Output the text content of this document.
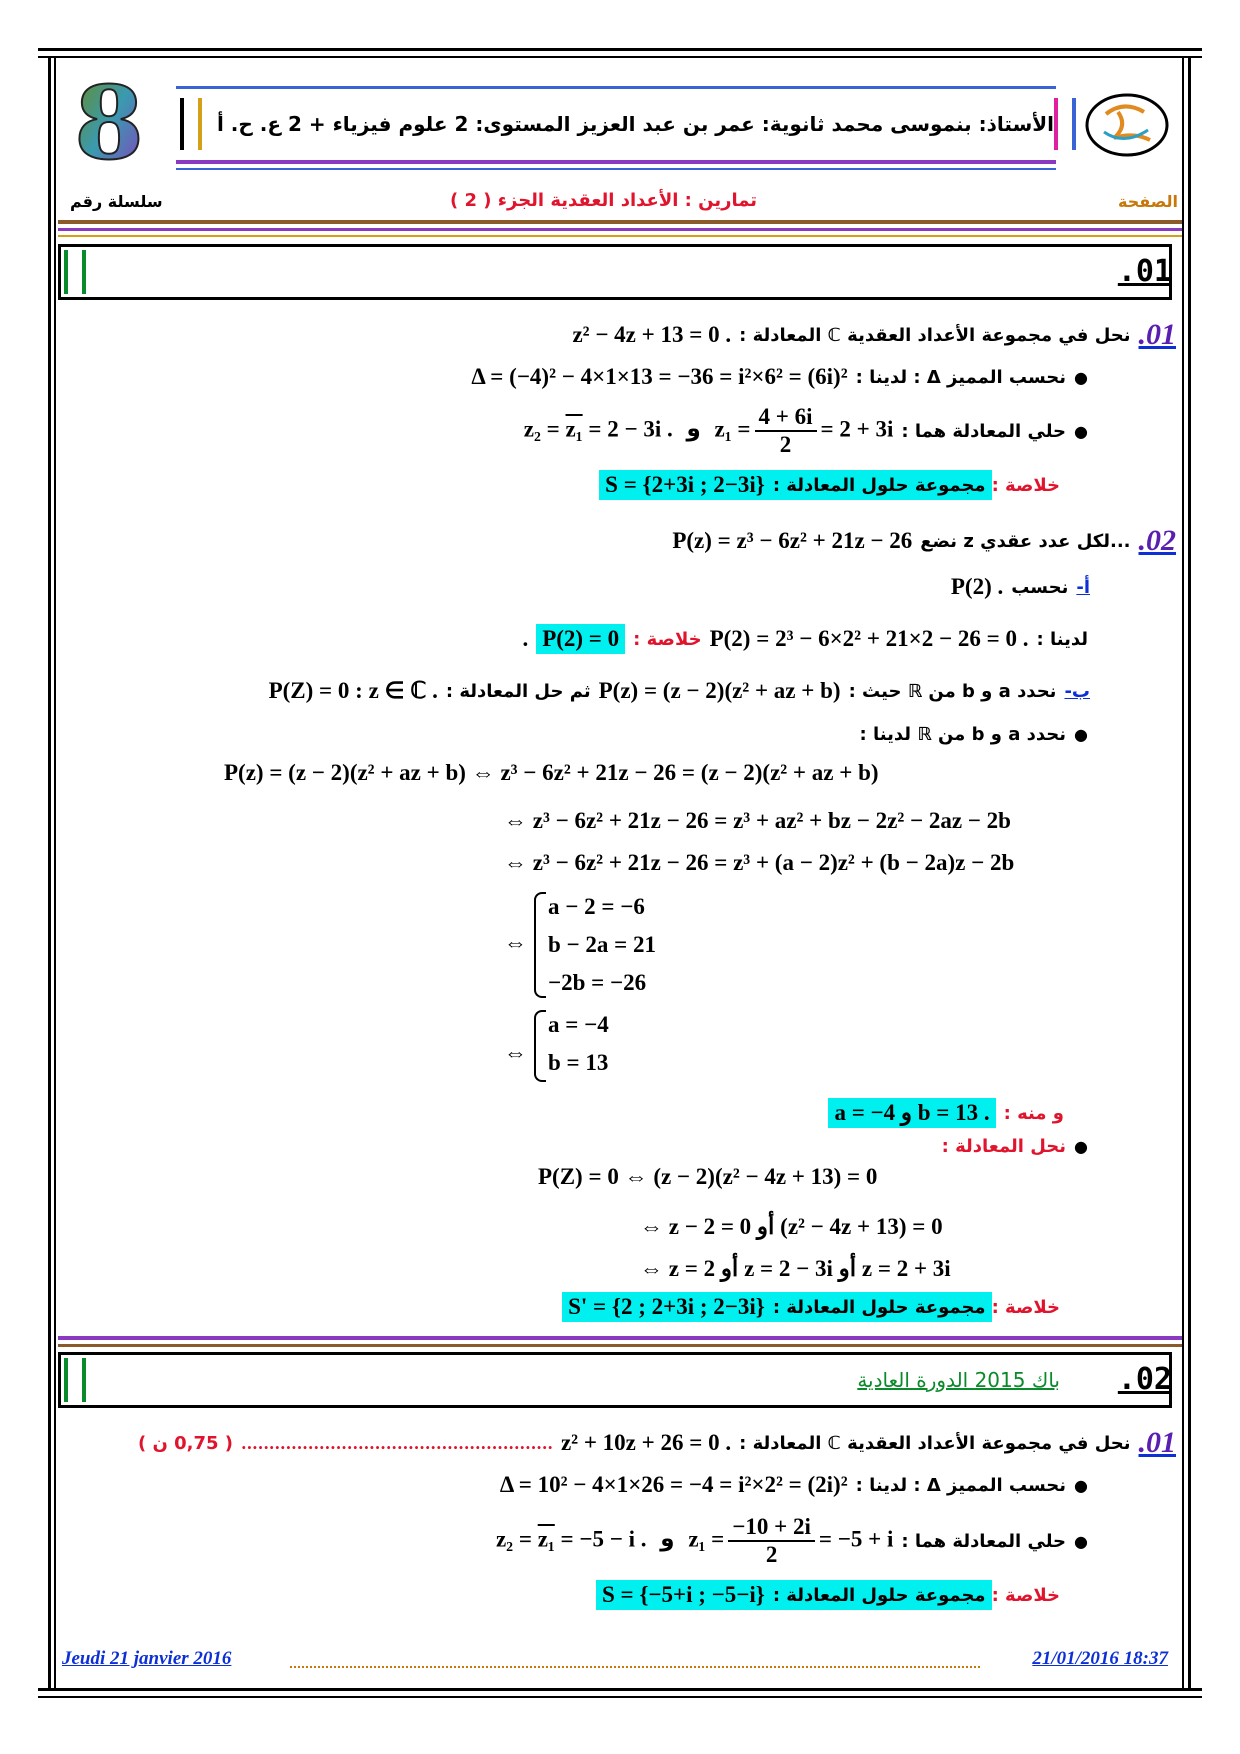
8	الأستاذ: بنموسى محمد ثانوية: عمر بن عبد العزيز المستوى: 2 علوم فيزياء + 2 ع. ح. أ
سلسلة رقم	تمارين : الأعداد العقدية الجزء ( 2 )	الصفحة
.01
.01
نحل في مجموعة الأعداد العقدية ℂ المعادلة :
z² − 4z + 13 = 0 .
●
نحسب المميز Δ : لدينا :
Δ = (−4)² − 4×1×13 = −36 = i²×6² = (6i)²
●
حلي المعادلة هما :
z₂ = z₁ = 2 − 3i . و $z_1 = \frac{4 + 6i}{2} = 2 + 3i$
خلاصة :
مجموعة حلول المعادلة :
S = {2+3i ; 2−3i}
.02
...لكل عدد عقدي z نضع
P(z) = z³ − 6z² + 21z − 26
أ-
نحسب
P(2) .
لدينا :
P(2) = 2³ − 6×2² + 21×2 − 26 = 0 .
خلاصة :
P(2) = 0
.
ب-
نحدد a و b من ℝ حيث :
P(z) = (z − 2)(z² + az + b)
ثم حل المعادلة :
P(Z) = 0 : z ∈ ℂ .
●
نحدد a و b من ℝ لدينا :
P(z) = (z − 2)(z² + az + b) ⇔ z³ − 6z² + 21z − 26 = (z − 2)(z² + az + b)
⇔ z³ − 6z² + 21z − 26 = z³ + az² + bz − 2z² − 2az − 2b
⇔ z³ − 6z² + 21z − 26 = z³ + (a − 2)z² + (b − 2a)z − 2b
⇔
a − 2 = −6
b − 2a = 21
−2b = −26
⇔
a = −4
b = 13
و منه :
a = −4 و b = 13 .
●
نحل المعادلة :
P(Z) = 0 ⇔ (z − 2)(z² − 4z + 13) = 0
⇔ z − 2 = 0 أو (z² − 4z + 13) = 0
⇔ z = 2 أو z = 2 − 3i أو z = 2 + 3i
خلاصة :
مجموعة حلول المعادلة :
S' = {2 ; 2+3i ; 2−3i}
.02
باك 2015 الدورة العادية
.01
نحل في مجموعة الأعداد العقدية ℂ المعادلة :
z² + 10z + 26 = 0 .
........................................................
( 0,75 ن )
●
نحسب المميز Δ : لدينا :
Δ = 10² − 4×1×26 = −4 = i²×2² = (2i)²
●
حلي المعادلة هما :
z₂ = z₁ = −5 − i . و $z_1 = \frac{-10 + 2i}{2} = -5 + i$
خلاصة :
مجموعة حلول المعادلة :
S = {−5+i ; −5−i}
Jeudi 21 janvier 2016	21/01/2016 18:37
